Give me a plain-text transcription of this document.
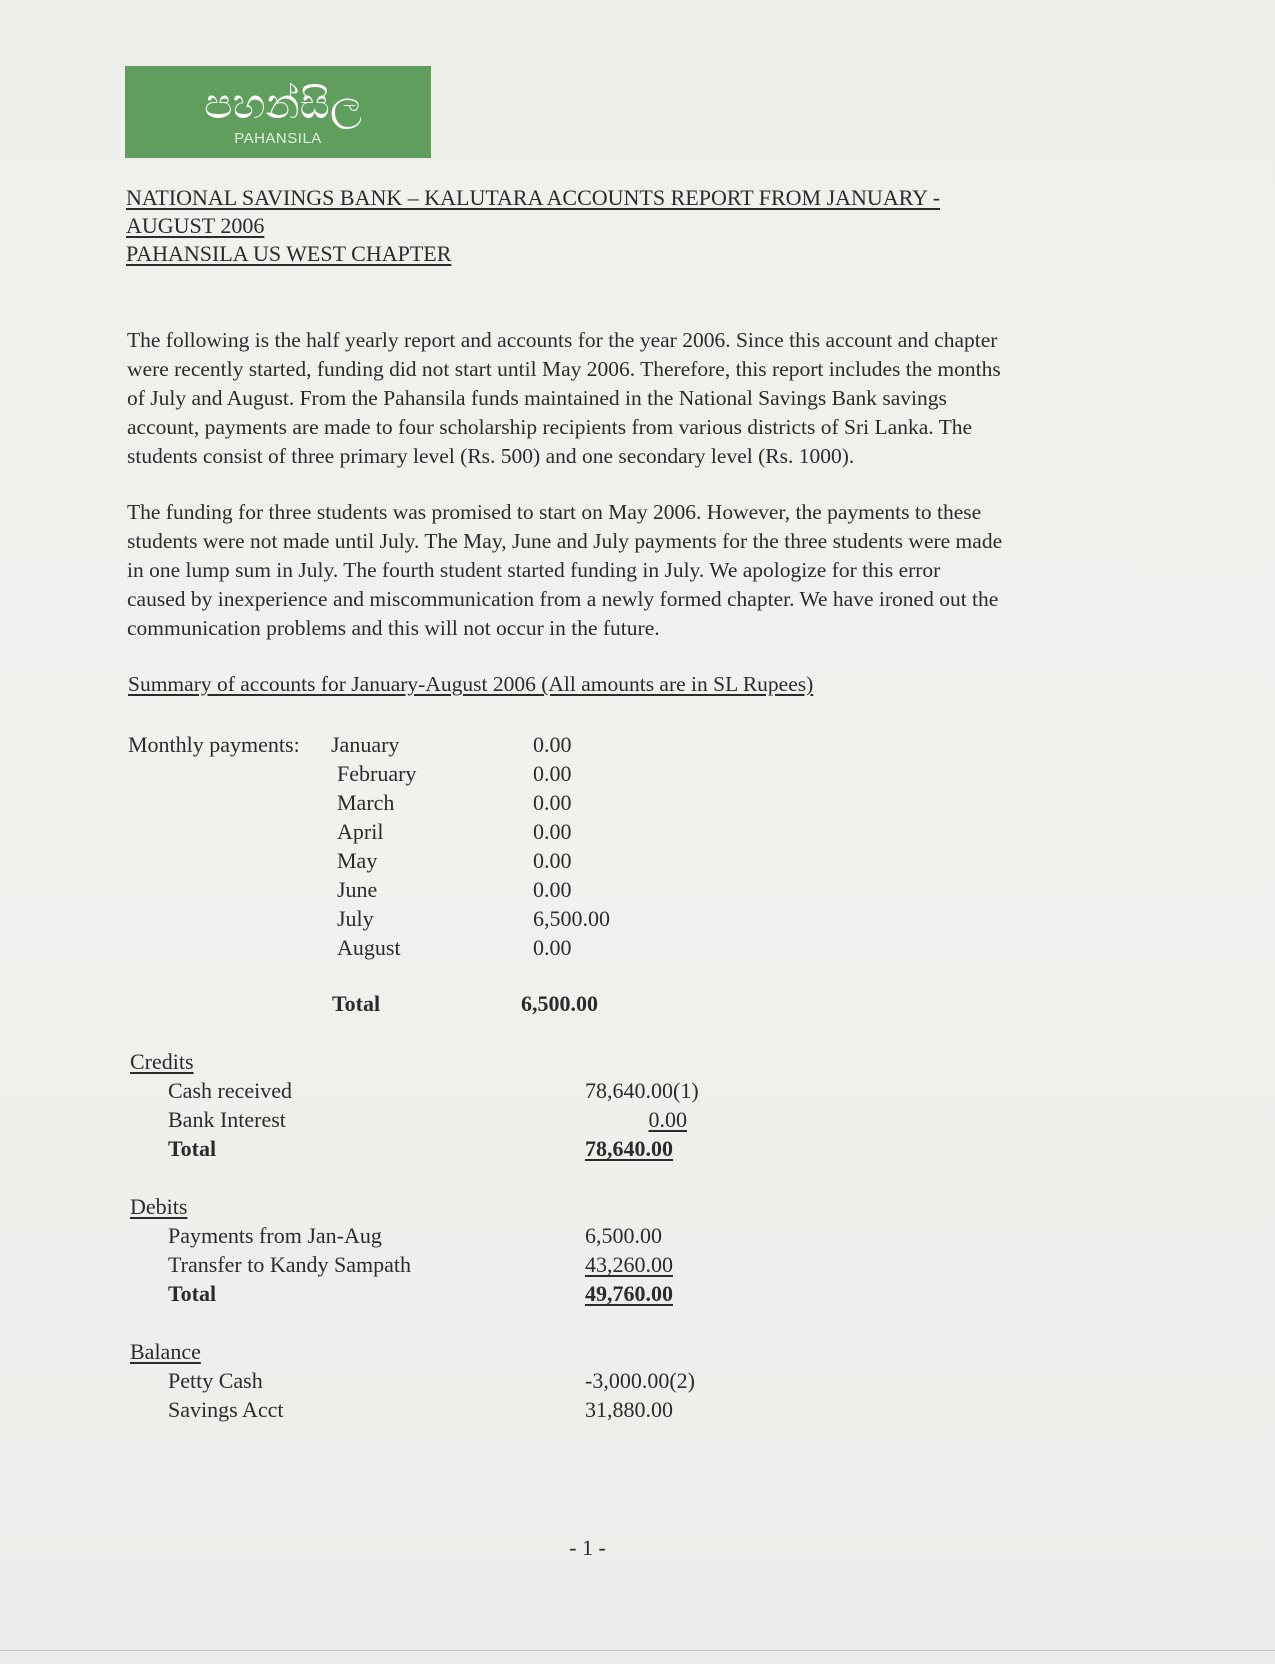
පහන්සිල
PAHANSILA
NATIONAL SAVINGS BANK – KALUTARA ACCOUNTS REPORT FROM JANUARY -
AUGUST 2006
PAHANSILA US WEST CHAPTER
The following is the half yearly report and accounts for the year 2006. Since this account and chapter
were recently started, funding did not start until May 2006. Therefore, this report includes the months
of July and August. From the Pahansila funds maintained in the National Savings Bank savings
account, payments are made to four scholarship recipients from various districts of Sri Lanka. The
students consist of three primary level (Rs. 500) and one secondary level (Rs. 1000).
The funding for three students was promised to start on May 2006. However, the payments to these
students were not made until July. The May, June and July payments for the three students were made
in one lump sum in July. The fourth student started funding in July. We apologize for this error
caused by inexperience and miscommunication from a newly formed chapter. We have ironed out the
communication problems and this will not occur in the future.
Summary of accounts for January-August 2006 (All amounts are in SL Rupees)
Monthly payments: January	0.00
February	0.00
March	0.00
April	0.00
May	0.00
June	0.00
July	6,500.00
August	0.00
Total	6,500.00
Credits
Cash received	78,640.00(1)
Bank Interest	0.00
Total	78,640.00
Debits
Payments from Jan-Aug	6,500.00
Transfer to Kandy Sampath	43,260.00
Total	49,760.00
Balance
Petty Cash	-3,000.00(2)
Savings Acct	31,880.00
- 1 -
